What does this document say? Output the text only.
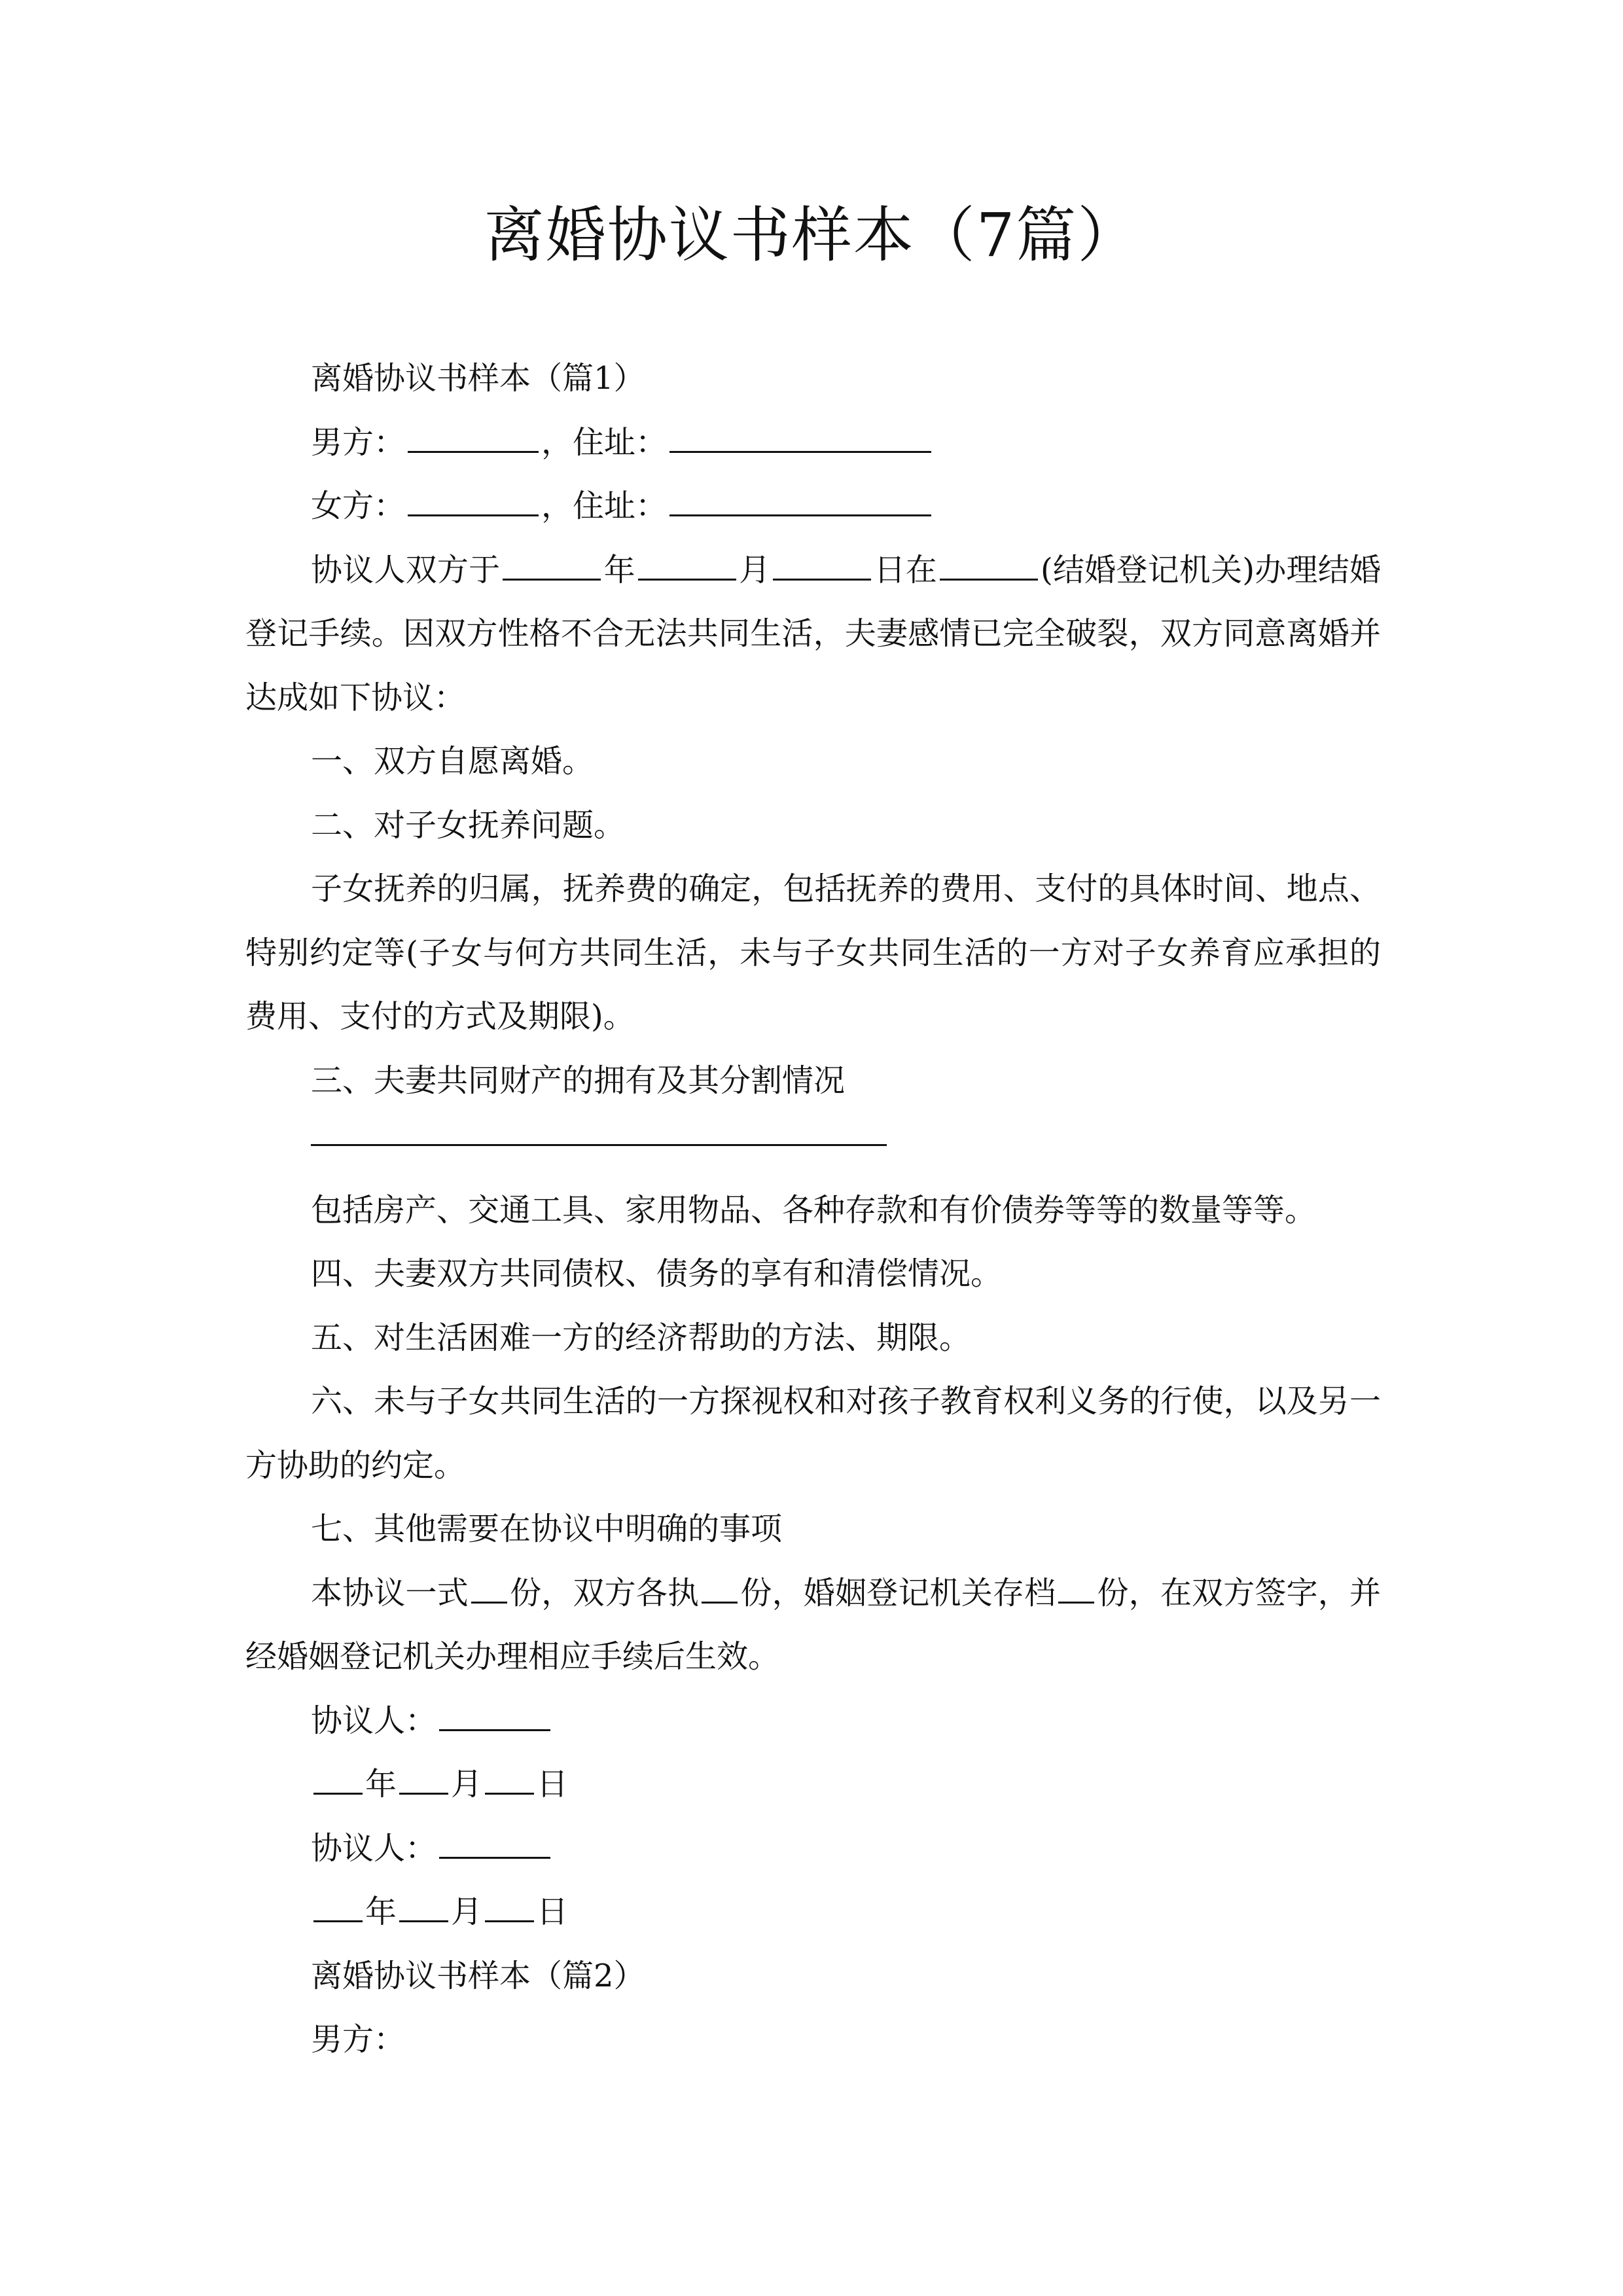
离婚协议书样本（7篇）

离婚协议书样本（篇1）

男方：	，住址：

女方：	，住址：

协议人双方于	年	月	日在	(结婚登记机关)办理结婚登记手续。因双方性格不合无法共同生活，夫妻感情已完全破裂，双方同意离婚并达成如下协议：

一、双方自愿离婚。

二、对子女抚养问题。

子女抚养的归属，抚养费的确定，包括抚养的费用、支付的具体时间、地点、特别约定等(子女与何方共同生活，未与子女共同生活的一方对子女养育应承担的费用、支付的方式及期限)。

三、夫妻共同财产的拥有及其分割情况

包括房产、交通工具、家用物品、各种存款和有价债券等等的数量等等。

四、夫妻双方共同债权、债务的享有和清偿情况。

五、对生活困难一方的经济帮助的方法、期限。

六、未与子女共同生活的一方探视权和对孩子教育权利义务的行使，以及另一方协助的约定。

七、其他需要在协议中明确的事项

本协议一式 份，双方各执 份，婚姻登记机关存档 份，在双方签字，并经婚姻登记机关办理相应手续后生效。

协议人：

年 月 日

协议人：

年 月 日

离婚协议书样本（篇2）

男方：
